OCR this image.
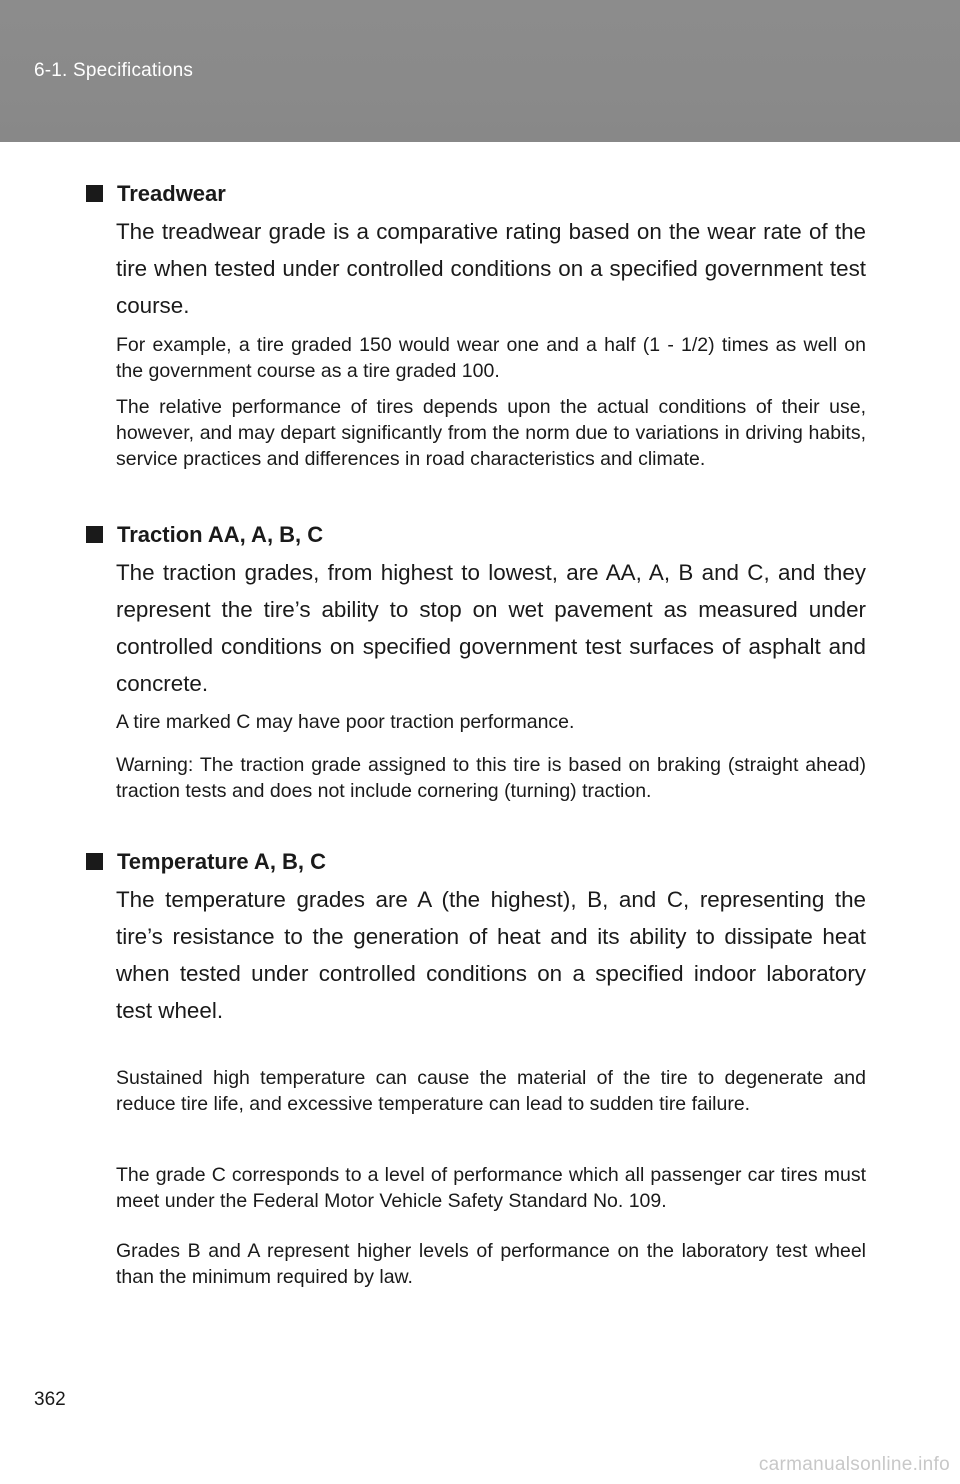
6-1. Specifications
Treadwear
The treadwear grade is a comparative rating based on the wear rate of the tire when tested under controlled conditions on a specified government test course.
For example, a tire graded 150 would wear one and a half (1 - 1/2) times as well on the government course as a tire graded 100.
The relative performance of tires depends upon the actual conditions of their use, however, and may depart significantly from the norm due to variations in driving habits, service practices and differences in road characteristics and climate.
Traction AA, A, B, C
The traction grades, from highest to lowest, are AA, A, B and C, and they represent the tire’s ability to stop on wet pavement as measured under controlled conditions on specified government test surfaces of asphalt and concrete.
A tire marked C may have poor traction performance.
Warning: The traction grade assigned to this tire is based on braking (straight ahead) traction tests and does not include cornering (turning) traction.
Temperature A, B, C
The temperature grades are A (the highest), B, and C, representing the tire’s resistance to the generation of heat and its ability to dissipate heat when tested under controlled conditions on a specified indoor laboratory test wheel.
Sustained high temperature can cause the material of the tire to degenerate and reduce tire life, and excessive temperature can lead to sudden tire failure.
The grade C corresponds to a level of performance which all passenger car tires must meet under the Federal Motor Vehicle Safety Standard No. 109.
Grades B and A represent higher levels of performance on the laboratory test wheel than the minimum required by law.
362
carmanualsonline.info
